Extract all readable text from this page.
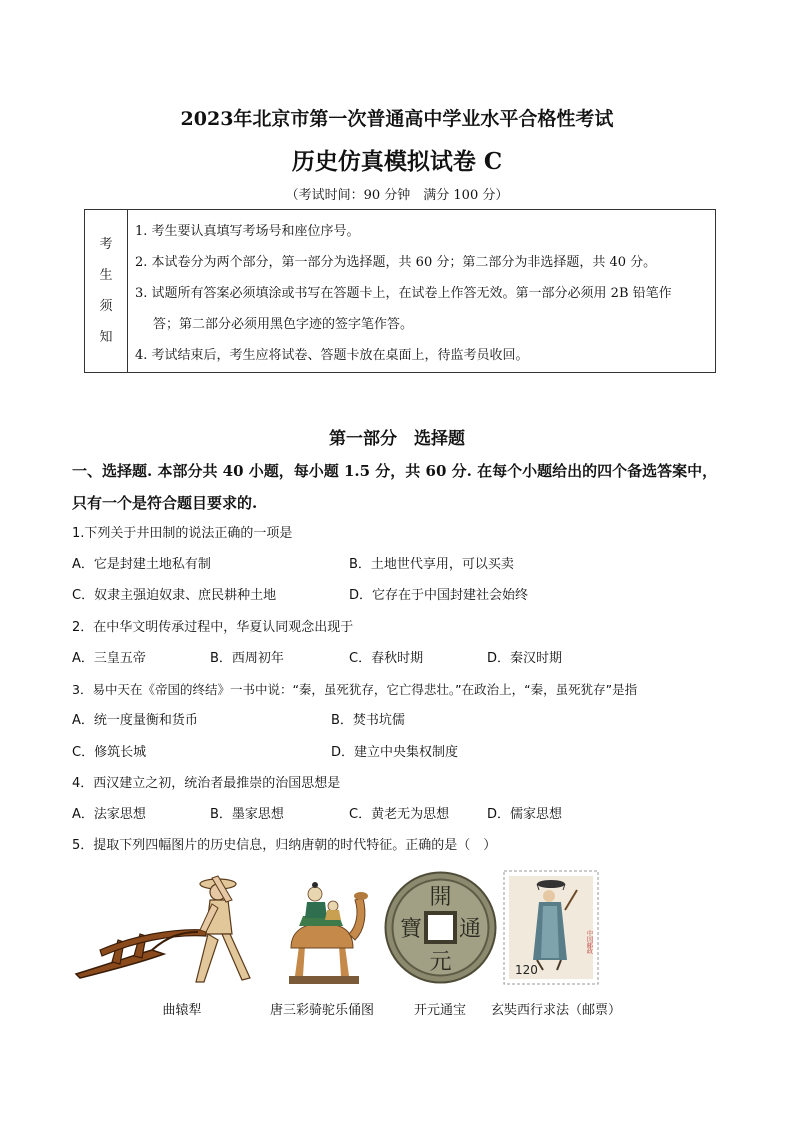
2023年北京市第一次普通高中学业水平合格性考试
历史仿真模拟试卷 C
（考试时间：90 分钟　满分 100 分）
考
生
须
知
1. 考生要认真填写考场号和座位序号。
2. 本试卷分为两个部分，第一部分为选择题，共 60 分；第二部分为非选择题，共 40 分。
3. 试题所有答案必须填涂或书写在答题卡上，在试卷上作答无效。第一部分必须用 2B 铅笔作
答；第二部分必须用黑色字迹的签字笔作答。
4. 考试结束后，考生应将试卷、答题卡放在桌面上，待监考员收回。
第一部分　选择题
一、选择题. 本部分共 40 小题，每小题 1.5 分，共 60 分. 在每个小题给出的四个备选答案中，
只有一个是符合题目要求的.
1.下列关于井田制的说法正确的一项是
A．它是封建土地私有制	B．土地世代享用，可以买卖
C．奴隶主强迫奴隶、庶民耕种土地	D．它存在于中国封建社会始终
2．在中华文明传承过程中，华夏认同观念出现于
A．三皇五帝	B．西周初年	C．春秋时期	D．秦汉时期
3．易中天在《帝国的终结》一书中说：“秦，虽死犹存，它亡得悲壮。”在政治上，“秦，虽死犹存”是指
A．统一度量衡和货币	B．焚书坑儒
C．修筑长城	D．建立中央集权制度
4．西汉建立之初，统治者最推崇的治国思想是
A．法家思想	B．墨家思想	C．黄老无为思想	D．儒家思想
5．提取下列四幅图片的历史信息，归纳唐朝的时代特征。正确的是（　）
開
通
元
寶
120
中国邮政
曲辕犁	唐三彩骑驼乐俑图	开元通宝	玄奘西行求法（邮票）
